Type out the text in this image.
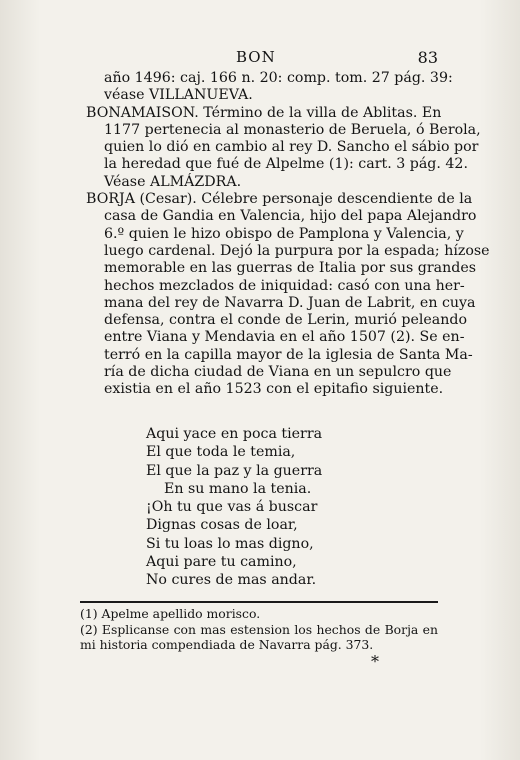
BON	83
año 1496: caj. 166 n. 20: comp. tom. 27 pág. 39:
véase VILLANUEVA.
BONAMAISON. Término de la villa de Ablitas. En
1177 pertenecia al monasterio de Beruela, ó Berola,
quien lo dió en cambio al rey D. Sancho el sábio por
la heredad que fué de Alpelme (1): cart. 3 pág. 42.
Véase ALMÁZDRA.
BORJA (Cesar). Célebre personaje descendiente de la
casa de Gandia en Valencia, hijo del papa Alejandro
6.º quien le hizo obispo de Pamplona y Valencia, y
luego cardenal. Dejó la purpura por la espada; hízose
memorable en las guerras de Italia por sus grandes
hechos mezclados de iniquidad: casó con una her-
mana del rey de Navarra D. Juan de Labrit, en cuya
defensa, contra el conde de Lerin, murió peleando
entre Viana y Mendavia en el año 1507 (2). Se en-
terró en la capilla mayor de la iglesia de Santa Ma-
ría de dicha ciudad de Viana en un sepulcro que
existia en el año 1523 con el epitafio siguiente.
Aqui yace en poca tierra
El que toda le temia,
El que la paz y la guerra
En su mano la tenia.
¡Oh tu que vas á buscar
Dignas cosas de loar,
Si tu loas lo mas digno,
Aqui pare tu camino,
No cures de mas andar.
(1) Apelme apellido morisco.
(2) Esplicanse con mas estension los hechos de Borja en
mi historia compendiada de Navarra pág. 373.
*
